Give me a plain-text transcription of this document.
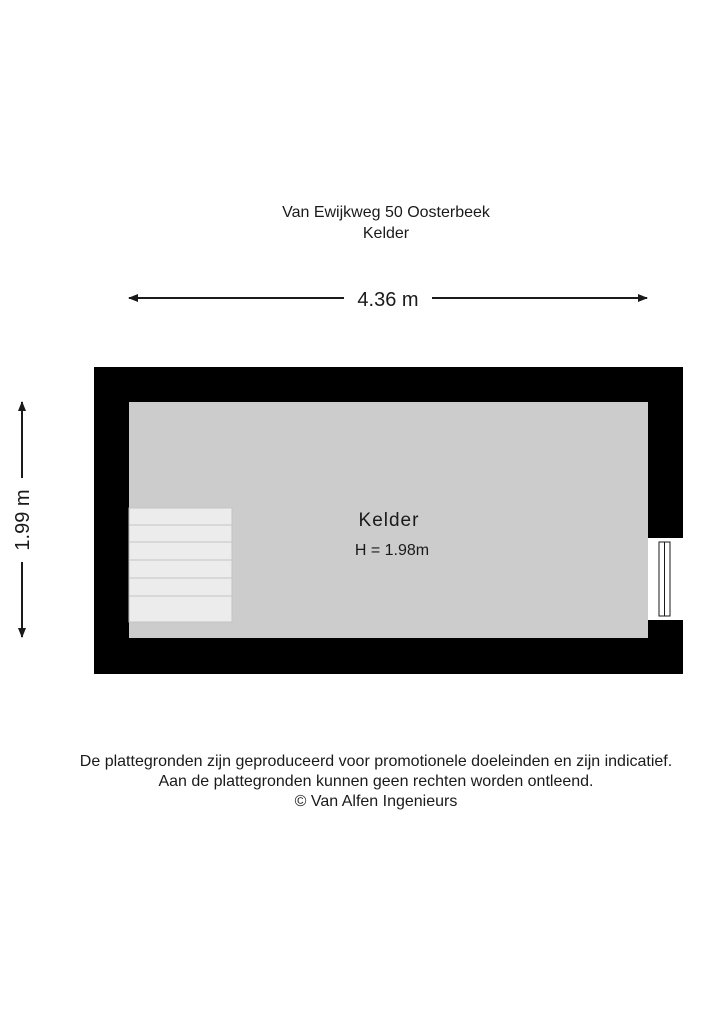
Van Ewijkweg 50 Oosterbeek
Kelder
4.36 m
1.99 m	Kelder
H = 1.98m
De plattegronden zijn geproduceerd voor promotionele doeleinden en zijn indicatief.
Aan de plattegronden kunnen geen rechten worden ontleend.
© Van Alfen Ingenieurs
